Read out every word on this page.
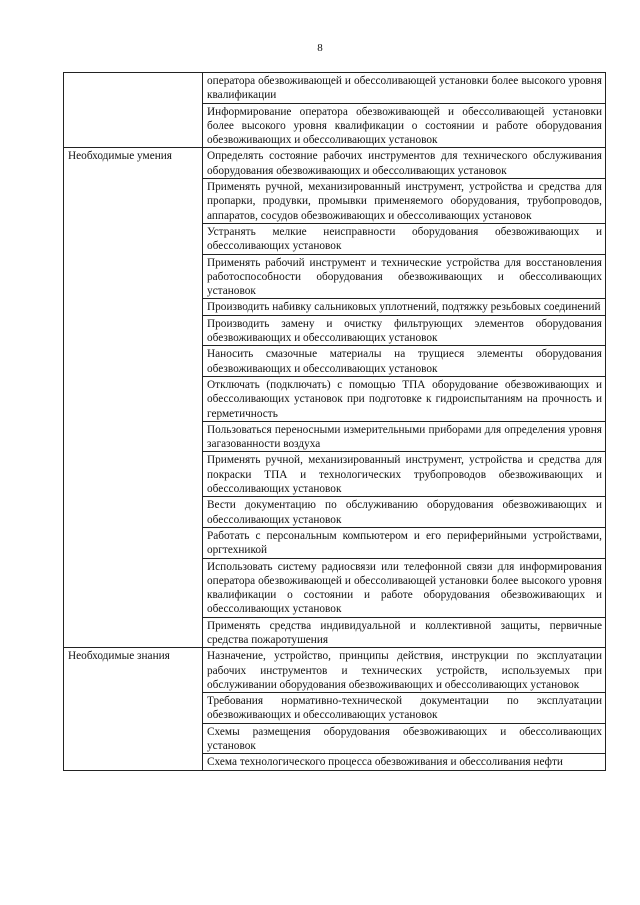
8
	оператора обезвоживающей и обессоливающей установки более высокого уровня квалификации
	Информирование оператора обезвоживающей и обессоливающей установки более высокого уровня квалификации о состоянии и работе оборудования обезвоживающих и обессоливающих установок
Необходимые умения	Определять состояние рабочих инструментов для технического обслуживания оборудования обезвоживающих и обессоливающих установок
	Применять ручной, механизированный инструмент, устройства и средства для пропарки, продувки, промывки применяемого оборудования, трубопроводов, аппаратов, сосудов обезвоживающих и обессоливающих установок
	Устранять мелкие неисправности оборудования обезвоживающих и обессоливающих установок
	Применять рабочий инструмент и технические устройства для восстановления работоспособности оборудования обезвоживающих и обессоливающих установок
	Производить набивку сальниковых уплотнений, подтяжку резьбовых соединений
	Производить замену и очистку фильтрующих элементов оборудования обезвоживающих и обессоливающих установок
	Наносить смазочные материалы на трущиеся элементы оборудования обезвоживающих и обессоливающих установок
	Отключать (подключать) с помощью ТПА оборудование обезвоживающих и обессоливающих установок при подготовке к гидроиспытаниям на прочность и герметичность
	Пользоваться переносными измерительными приборами для определения уровня загазованности воздуха
	Применять ручной, механизированный инструмент, устройства и средства для покраски ТПА и технологических трубопроводов обезвоживающих и обессоливающих установок
	Вести документацию по обслуживанию оборудования обезвоживающих и обессоливающих установок
	Работать с персональным компьютером и его периферийными устройствами, оргтехникой
	Использовать систему радиосвязи или телефонной связи для информирования оператора обезвоживающей и обессоливающей установки более высокого уровня квалификации о состоянии и работе оборудования обезвоживающих и обессоливающих установок
	Применять средства индивидуальной и коллективной защиты, первичные средства пожаротушения
Необходимые знания	Назначение, устройство, принципы действия, инструкции по эксплуатации рабочих инструментов и технических устройств, используемых при обслуживании оборудования обезвоживающих и обессоливающих установок
	Требования нормативно-технической документации по эксплуатации обезвоживающих и обессоливающих установок
	Схемы размещения оборудования обезвоживающих и обессоливающих установок
	Схема технологического процесса обезвоживания и обессоливания нефти
